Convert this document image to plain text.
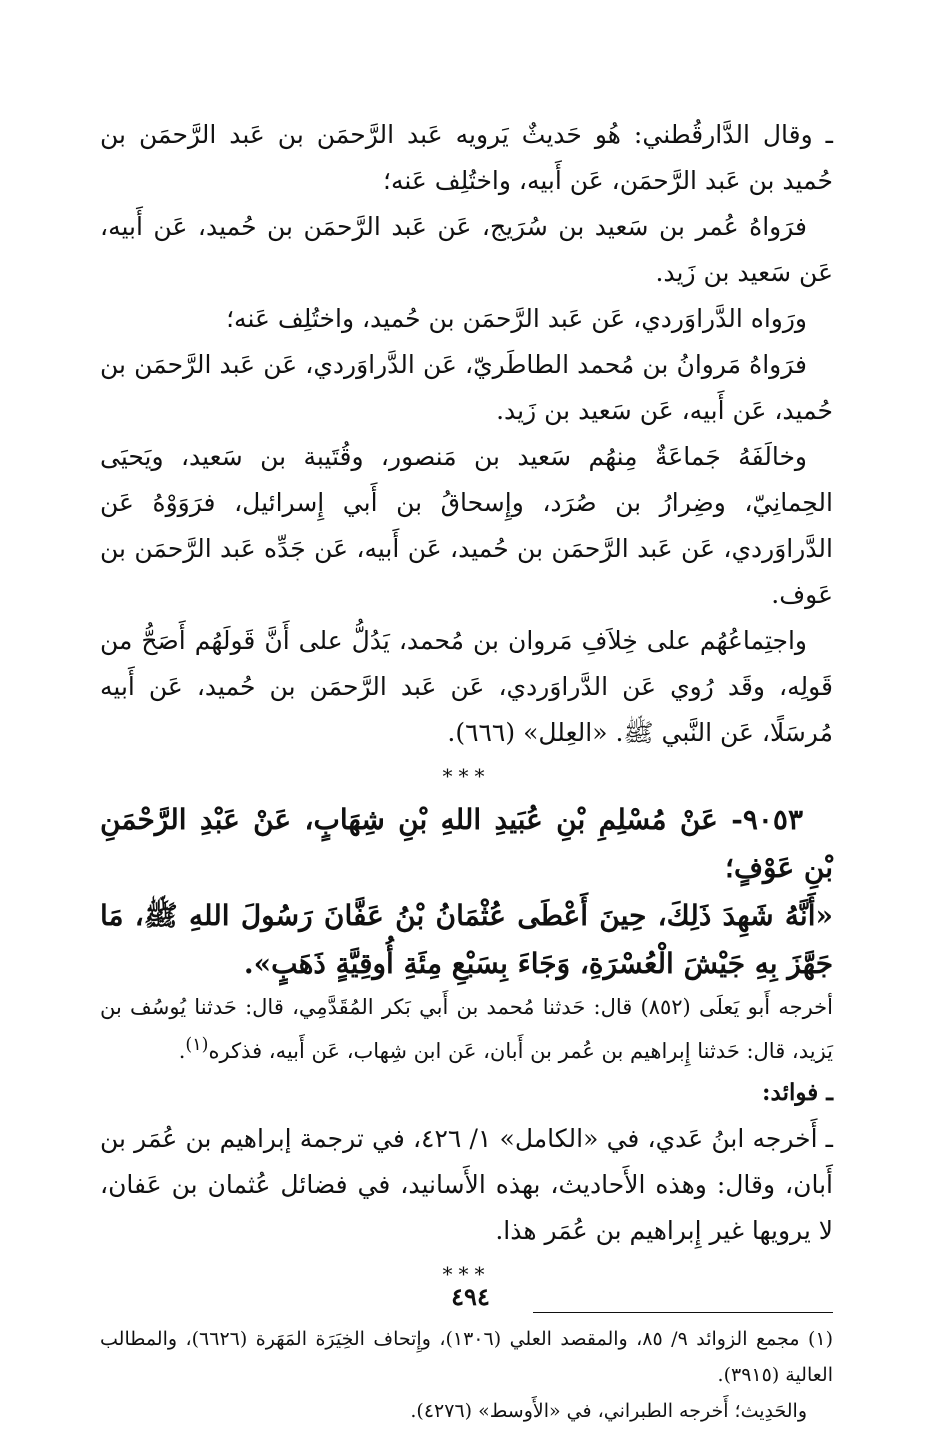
ـ وقال الدَّارقُطني: هُو حَديثٌ يَرويه عَبد الرَّحمَن بن عَبد الرَّحمَن بن حُميد بن عَبد الرَّحمَن، عَن أَبيه، واختُلِف عَنه؛

فرَواهُ عُمر بن سَعيد بن سُرَيج، عَن عَبد الرَّحمَن بن حُميد، عَن أَبيه، عَن سَعيد بن زَيد.

ورَواه الدَّراوَردي، عَن عَبد الرَّحمَن بن حُميد، واختُلِف عَنه؛

فرَواهُ مَروانُ بن مُحمد الطاطَريّ، عَن الدَّراوَردي، عَن عَبد الرَّحمَن بن حُميد، عَن أَبيه، عَن سَعيد بن زَيد.

وخالَفَهُ جَماعَةٌ مِنهُم سَعيد بن مَنصور، وقُتَيبة بن سَعيد، ويَحيَى الحِمانِيّ، وضِرارُ بن صُرَد، وإِسحاقُ بن أَبي إِسرائيل، فرَوَوْهُ عَن الدَّراوَردي، عَن عَبد الرَّحمَن بن حُميد، عَن أَبيه، عَن جَدِّه عَبد الرَّحمَن بن عَوف.

واجتِماعُهُم على خِلاَفِ مَروان بن مُحمد، يَدُلُّ على أَنَّ قَولَهُم أَصَحُّ من قَولِه، وقَد رُوي عَن الدَّراوَردي، عَن عَبد الرَّحمَن بن حُميد، عَن أَبيه مُرسَلًا، عَن النَّبي ﷺ. «العِلل» (٦٦٦).

***

٩٠٥٣- عَنْ مُسْلِمِ بْنِ عُبَيدِ اللهِ بْنِ شِهَابٍ، عَنْ عَبْدِ الرَّحْمَنِ بْنِ عَوْفٍ؛

«أَنَّهُ شَهِدَ ذَلِكَ، حِينَ أَعْطَى عُثْمَانُ بْنُ عَفَّانَ رَسُولَ اللهِ ﷺ، مَا جَهَّزَ بِهِ جَيْشَ الْعُسْرَةِ، وَجَاءَ بِسَبْعِ مِئَةِ أُوقِيَّةٍ ذَهَبٍ».

أخرجه أَبو يَعلَى (٨٥٢) قال: حَدثنا مُحمد بن أَبي بَكر المُقَدَّمِي، قال: حَدثنا يُوسُف بن يَزيد، قال: حَدثنا إِبراهيم بن عُمر بن أَبان، عَن ابن شِهاب، عَن أَبيه، فذكره$^{(١)}$.

ـ فوائد:

ـ أَخرجه ابنُ عَدي، في «الكامل» ١/ ٤٢٦، في ترجمة إبراهيم بن عُمَر بن أَبان، وقال: وهذه الأَحاديث، بهذه الأَسانيد، في فضائل عُثمان بن عَفان، لا يرويها غير إِبراهيم بن عُمَر هذا.

***

(١) مجمع الزوائد ٩/ ٨٥، والمقصد العلي (١٣٠٦)، وإِتحاف الخِيَرَة المَهَرة (٦٦٢٦)، والمطالب العالية (٣٩١٥).

والحَدِيث؛ أَخرجه الطبراني، في «الأَوسط» (٤٢٧٦).

٤٩٤
